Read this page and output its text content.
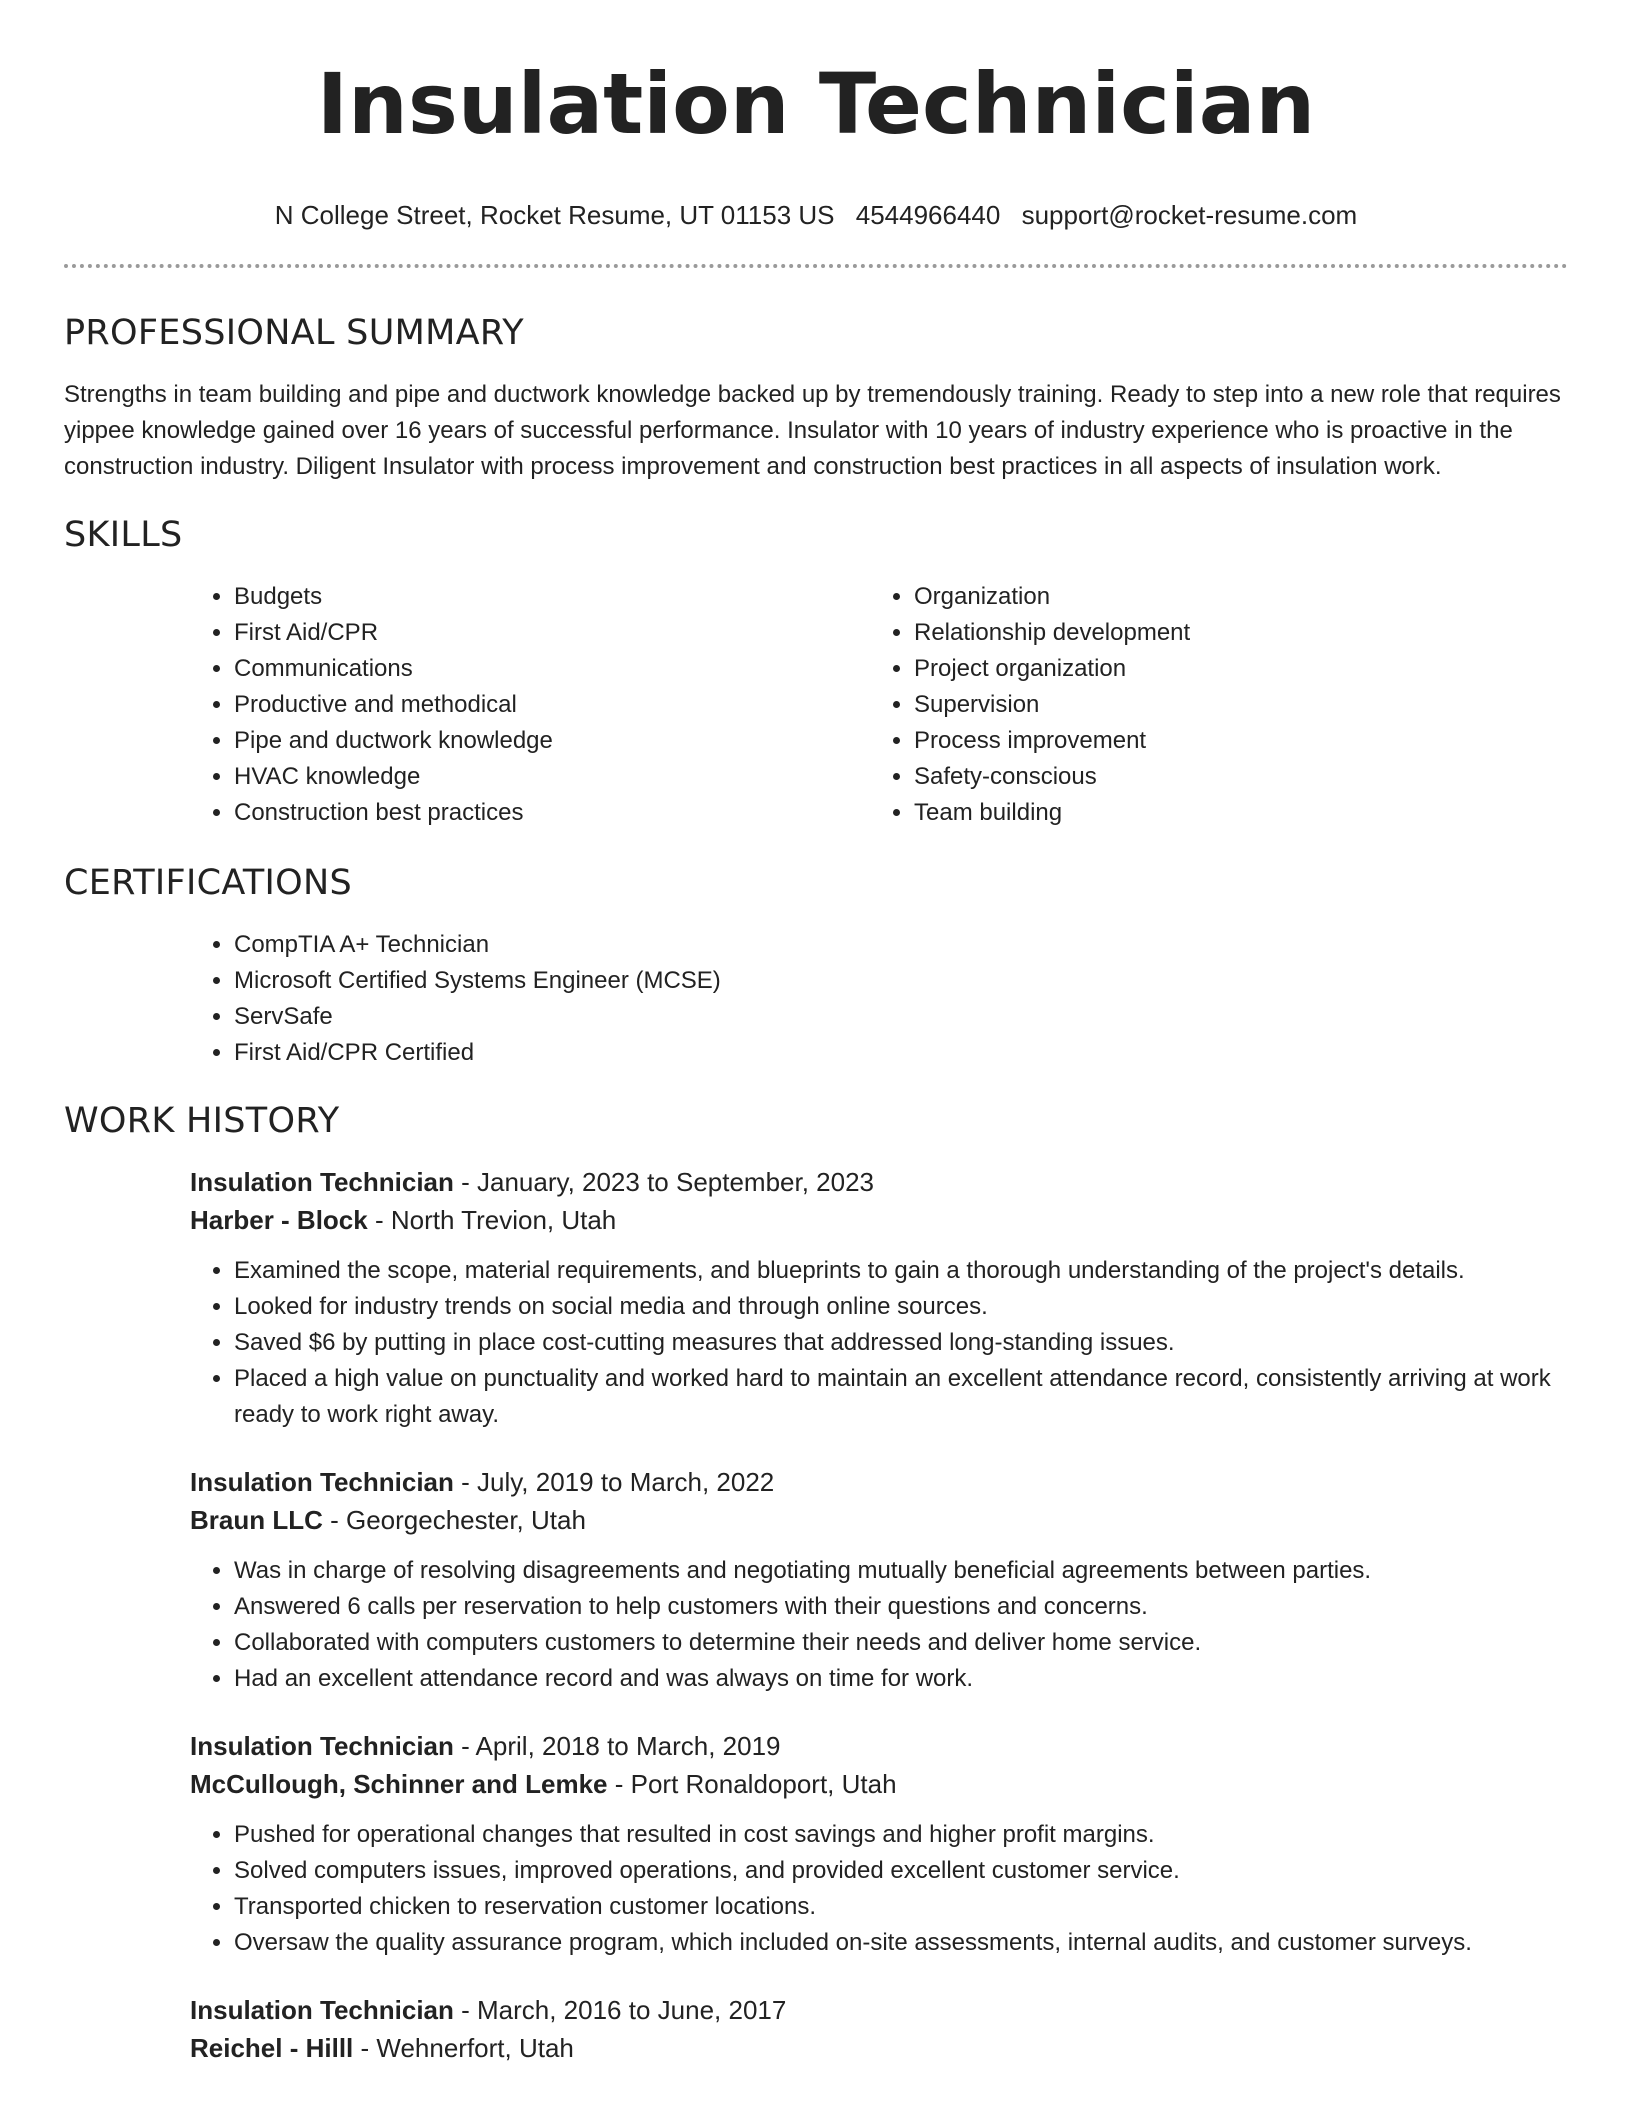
Insulation Technician
N College Street, Rocket Resume, UT 01153 US 4544966440 support@rocket-resume.com
PROFESSIONAL SUMMARY

Strengths in team building and pipe and ductwork knowledge backed up by tremendously training. Ready to step into a new role that requires yippee knowledge gained over 16 years of successful performance. Insulator with 10 years of industry experience who is proactive in the construction industry. Diligent Insulator with process improvement and construction best practices in all aspects of insulation work.

SKILLS
• Budgets
• First Aid/CPR
• Communications
• Productive and methodical
• Pipe and ductwork knowledge
• HVAC knowledge
• Construction best practices
• Organization
• Relationship development
• Project organization
• Supervision
• Process improvement
• Safety-conscious
• Team building
CERTIFICATIONS
• CompTIA A+ Technician
• Microsoft Certified Systems Engineer (MCSE)
• ServSafe
• First Aid/CPR Certified
WORK HISTORY
Insulation Technician - January, 2023 to September, 2023
Harber - Block - North Trevion, Utah
• Examined the scope, material requirements, and blueprints to gain a thorough understanding of the project's details.
• Looked for industry trends on social media and through online sources.
• Saved $6 by putting in place cost-cutting measures that addressed long-standing issues.
• Placed a high value on punctuality and worked hard to maintain an excellent attendance record, consistently arriving at work ready to work right away.
Insulation Technician - July, 2019 to March, 2022
Braun LLC - Georgechester, Utah
• Was in charge of resolving disagreements and negotiating mutually beneficial agreements between parties.
• Answered 6 calls per reservation to help customers with their questions and concerns.
• Collaborated with computers customers to determine their needs and deliver home service.
• Had an excellent attendance record and was always on time for work.
Insulation Technician - April, 2018 to March, 2019
McCullough, Schinner and Lemke - Port Ronaldoport, Utah
• Pushed for operational changes that resulted in cost savings and higher profit margins.
• Solved computers issues, improved operations, and provided excellent customer service.
• Transported chicken to reservation customer locations.
• Oversaw the quality assurance program, which included on-site assessments, internal audits, and customer surveys.
Insulation Technician - March, 2016 to June, 2017
Reichel - Hilll - Wehnerfort, Utah
